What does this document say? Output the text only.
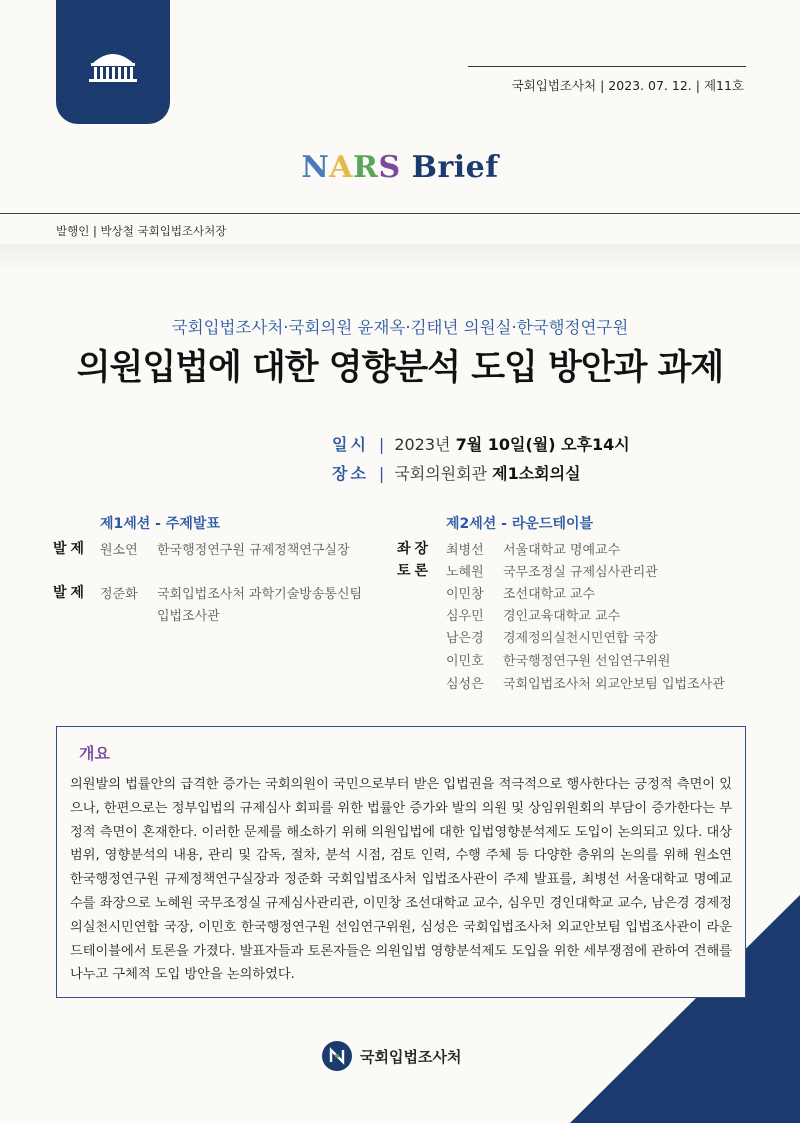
국회입법조사처 | 2023. 07. 12. | 제11호
NARS Brief
발행인 | 박상철 국회입법조사처장
국회입법조사처·국회의원 윤재옥·김태년 의원실·한국행정연구원
의원입법에 대한 영향분석 도입 방안과 과제
일시 | 2023년 7월 10일(월) 오후14시
장소 | 국회의원회관 제1소회의실
제1세션 - 주제발표
발제 원소연 한국행정연구원 규제정책연구실장
발제 정준화 국회입법조사처 과학기술방송통신팀
입법조사관
제2세션 - 라운드테이블
좌장
토론
최병선 서울대학교 명예교수
노혜원 국무조정실 규제심사관리관
이민창 조선대학교 교수
심우민 경인교육대학교 교수
남은경 경제정의실천시민연합 국장
이민호 한국행정연구원 선임연구위원
심성은 국회입법조사처 외교안보팀 입법조사관
개요

의원발의 법률안의 급격한 증가는 국회의원이 국민으로부터 받은 입법권을 적극적으로 행사한다는 긍정적 측면이 있으나, 한편으로는 정부입법의 규제심사 회피를 위한 법률안 증가와 발의 의원 및 상임위원회의 부담이 증가한다는 부정적 측면이 혼재한다. 이러한 문제를 해소하기 위해 의원입법에 대한 입법영향분석제도 도입이 논의되고 있다. 대상범위, 영향분석의 내용, 관리 및 감독, 절차, 분석 시점, 검토 인력, 수행 주체 등 다양한 층위의 논의를 위해 원소연 한국행정연구원 규제정책연구실장과 정준화 국회입법조사처 입법조사관이 주제 발표를, 최병선 서울대학교 명예교수를 좌장으로 노혜원 국무조정실 규제심사관리관, 이민창 조선대학교 교수, 심우민 경인대학교 교수, 남은경 경제정의실천시민연합 국장, 이민호 한국행정연구원 선임연구위원, 심성은 국회입법조사처 외교안보팀 입법조사관이 라운드테이블에서 토론을 가졌다. 발표자들과 토론자들은 의원입법 영향분석제도 도입을 위한 세부쟁점에 관하여 견해를 나누고 구체적 도입 방안을 논의하였다.

국회입법조사처
